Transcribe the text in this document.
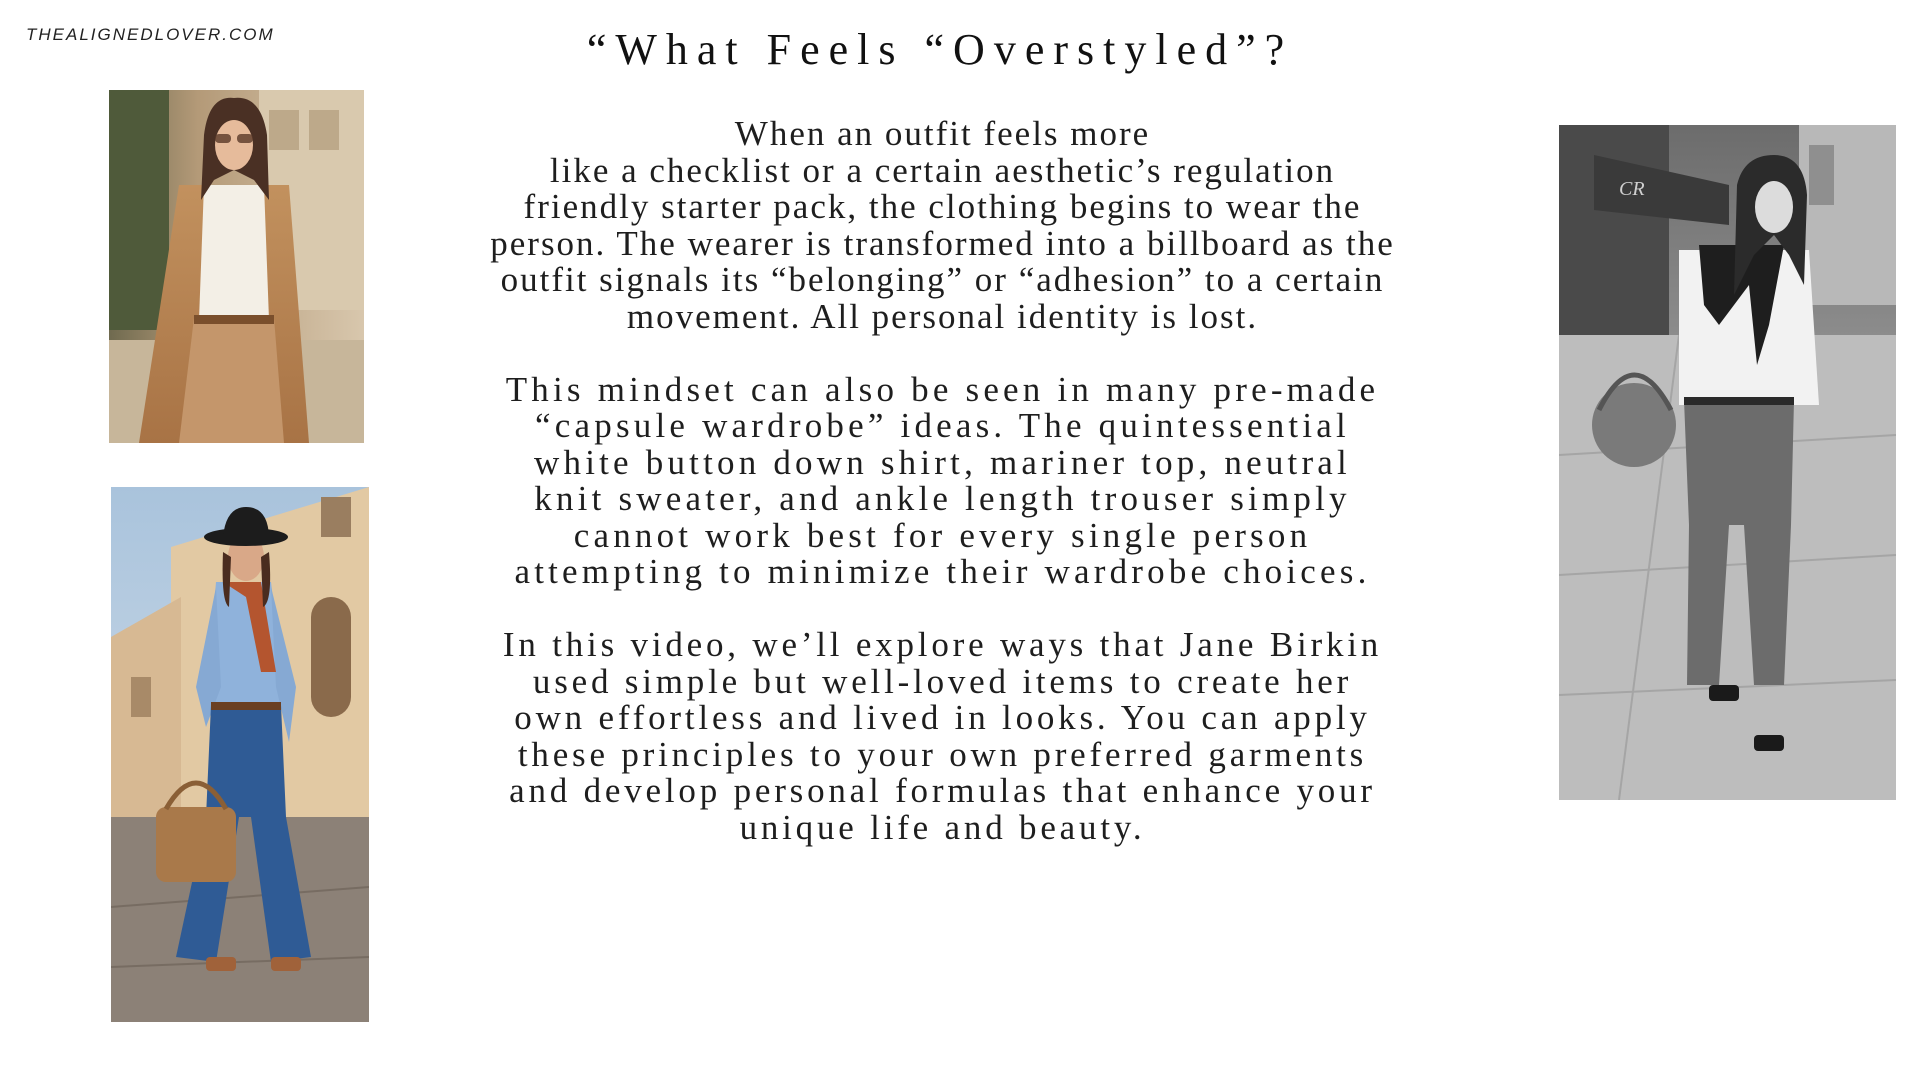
THEALIGNEDLOVER.COM	“What Feels “Overstyled”?
When an outfit feels more
like a checklist or a certain aesthetic’s regulation
friendly starter pack, the clothing begins to wear the
person. The wearer is transformed into a billboard as the
outfit signals its “belonging” or “adhesion” to a certain
movement. All personal identity is lost.
This mindset can also be seen in many pre-made
“capsule wardrobe” ideas. The quintessential
white button down shirt, mariner top, neutral
knit sweater, and ankle length trouser simply
cannot work best for every single person
attempting to minimize their wardrobe choices.
In this video, we’ll explore ways that Jane Birkin
used simple but well-loved items to create her
own effortless and lived in looks. You can apply
these principles to your own preferred garments
and develop personal formulas that enhance your
unique life and beauty.
CR
